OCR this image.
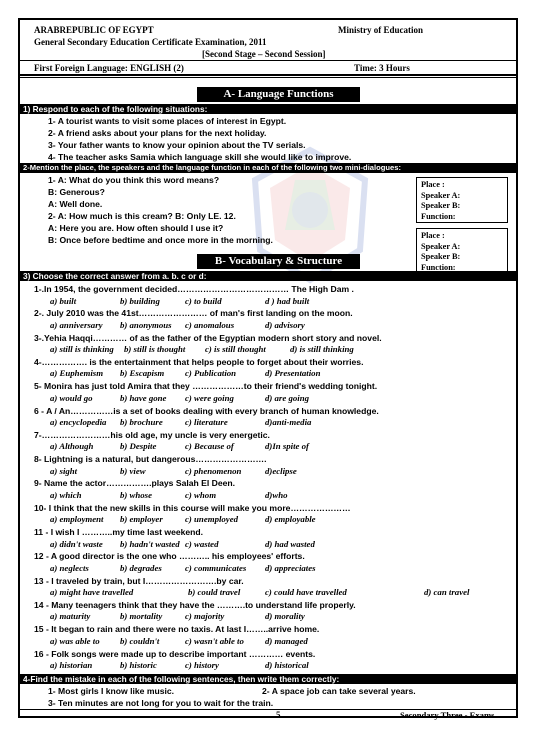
ARABREPUBLIC OF EGYPT	Ministry of Education
General Secondary Education Certificate Examination, 2011
[Second Stage – Second Session]
First Foreign Language: ENGLISH (2)	Time: 3 Hours
A- Language Functions
1) Respond to each of the following situations:
1- A tourist wants to visit some places of interest in Egypt.
2- A friend asks about your plans for the next holiday.
3- Your father wants to know your opinion about the TV serials.
4- The teacher asks Samia which language skill she would like to improve.
2-Mention the place, the speakers and the language function in each of the following two mini-dialogues:
1- A: What do you think this word means?
B: Generous?
A: Well done.
2- A: How much is this cream? B: Only LE. 12.
A: Here you are. How often should I use it?
B: Once before bedtime and once more in the morning.
Place :
Speaker A:
Speaker B:
Function:
Place :
Speaker A:
Speaker B:
Function:
B- Vocabulary & Structure
3) Choose the correct answer from a. b. c or d:
1-.In 1954, the government decided………………………………… The High Dam .
a) built	b) building	c) to build	d ) had built
2-. July 2010 was the 41st…………………… of man's first landing on the moon.
a) anniversary b) anonymous c) anomalous	d) advisory
3-.Yehia Haqqi………… of as the father of the Egyptian modern short story and novel.
a) still is thinking b) still is thought c) is still thought	d) is still thinking
4-……………. is the entertainment that helps people to forget about their worries.
a) Euphemism b) Escapism c) Publication	d) Presentation
5- Monira has just told Amira that they ………………to their friend's wedding tonight.
a) would go	b) have gone c) were going	d) are going
6 - A / An……………is a set of books dealing with every branch of human knowledge.
a) encyclopedia b) brochure	c) literature	d)anti-media
7-……………………his old age, my uncle is very energetic.
a) Although	b) Despite	c) Because of	d)In spite of
8- Lightning is a natural, but dangerous…………………….
a) sight	b) view	c) phenomenon	d)eclipse
9- Name the actor…………….plays Salah El Deen.
a) which	b) whose	c) whom	d)who
10- I think that the new skills in this course will make you more…………………
a) employment b) employer	c) unemployed	d) employable
11 - I wish I ………..my time last weekend.
a) didn't waste b) hadn't wasted c) wasted	d) had wasted
12 - A good director is the one who ……….. his employees' efforts.
a) neglects	b) degrades	c) communicates d) appreciates
13 - I traveled by train, but I…………………….by car.
a) might have travelled	b) could travel	c) could have travelled	d) can travel
14 - Many teenagers think that they have the ……….to understand life properly.
a) maturity	b) mortality	c) majority	d) morality
15 - It began to rain and there were no taxis. At last I……..arrive home.
a) was able to b) couldn't	c) wasn't able to d) managed
16 - Folk songs were made up to describe important ………… events.
a) historian	b) historic	c) history	d) historical
4-Find the mistake in each of the following sentences, then write them correctly:
1- Most girls I know like music.	2- A space job can take several years.
3- Ten minutes are not long for you to wait for the train.
5	Secondary Three - Exams
